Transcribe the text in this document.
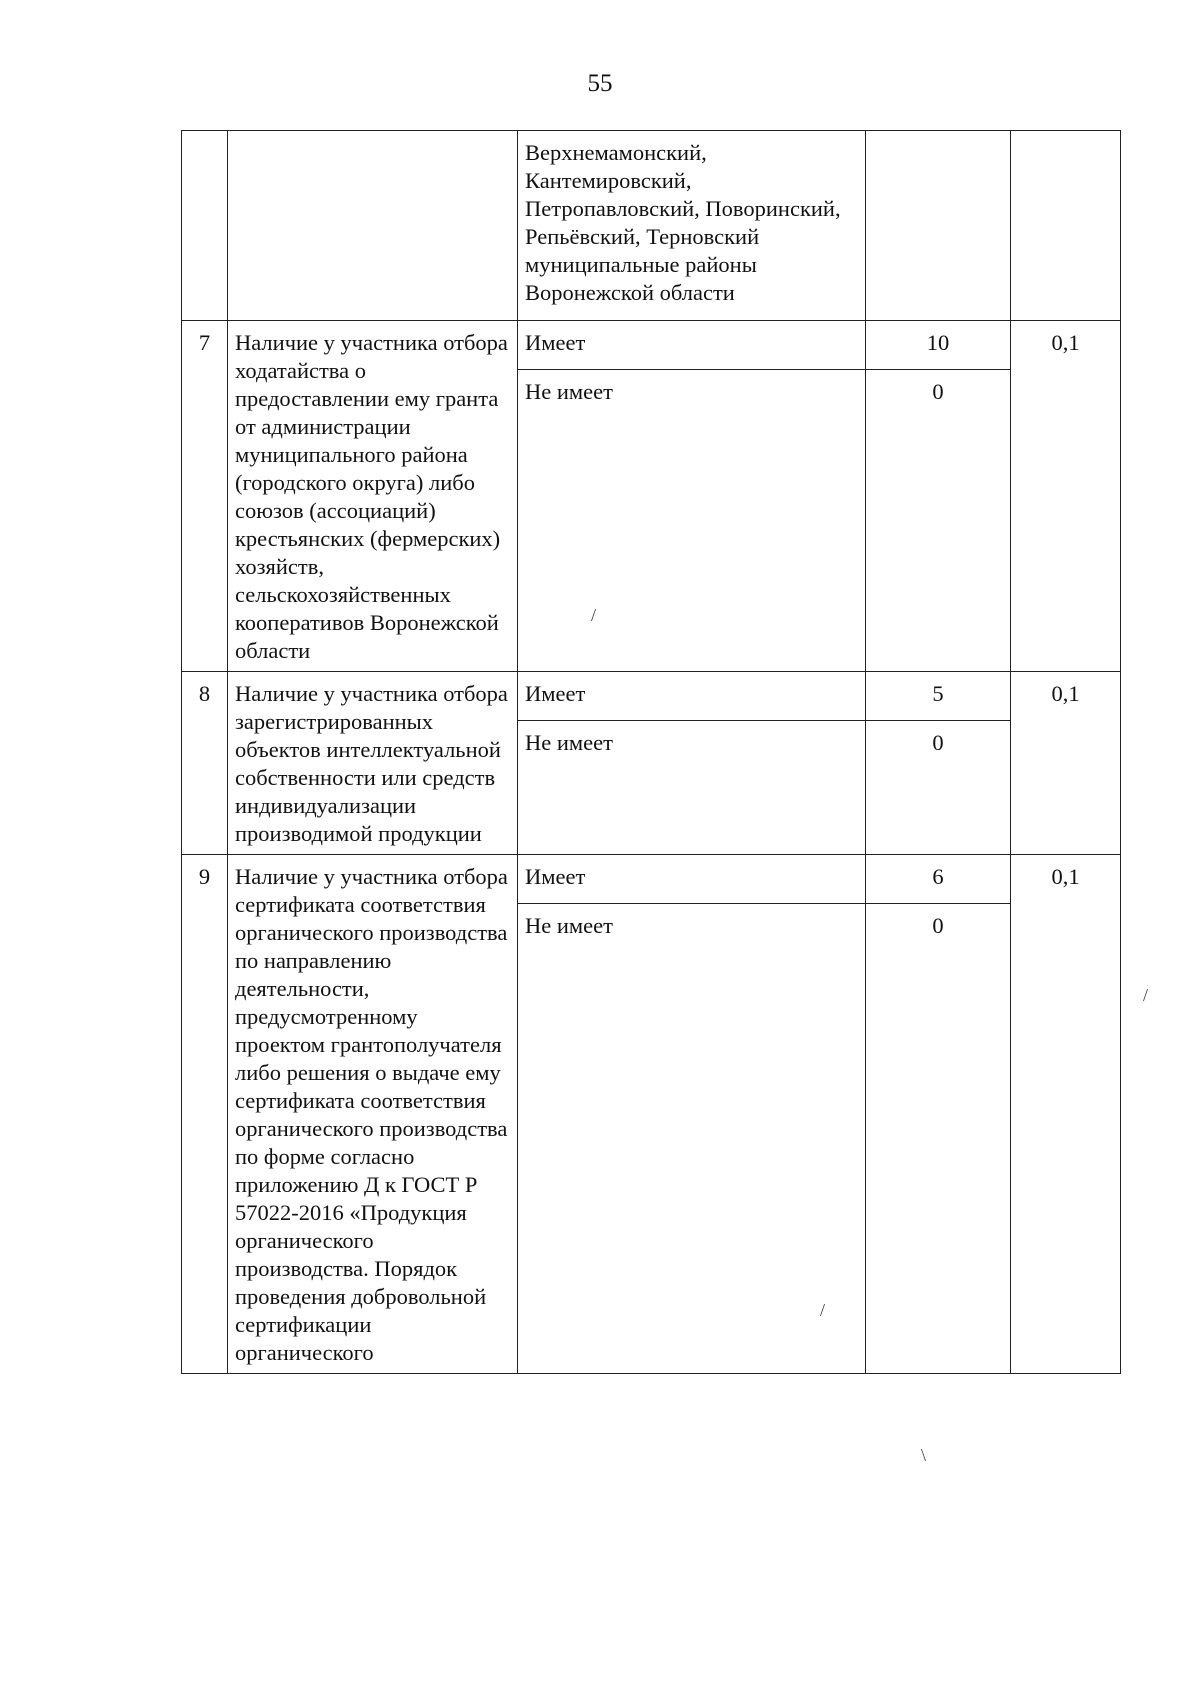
55
		Верхнемамонский, Кантемировский, Петропавловский, Поворинский, Репьёвский, Терновский муниципальные районы Воронежской области		
7	Наличие у участника отбора ходатайства о предоставлении ему гранта от администрации муниципального района (городского округа) либо союзов (ассоциаций) крестьянских (фермерских) хозяйств, сельскохозяйственных кооперативов Воронежской области	Имеет	10	0,1
		Не имеет	0	
8	Наличие у участника отбора зарегистрированных объектов интеллектуальной собственности или средств индивидуализации производимой продукции	Имеет	5	0,1
		Не имеет	0	
9	Наличие у участника отбора сертификата соответствия органического производства по направлению деятельности, предусмотренному проектом грантополучателя либо решения о выдаче ему сертификата соответствия органического производства по форме согласно приложению Д к ГОСТ Р 57022-2016 «Продукция органического производства. Порядок проведения добровольной сертификации органического	Имеет	6	0,1
		Не имеет	0	
/
/
/
\
